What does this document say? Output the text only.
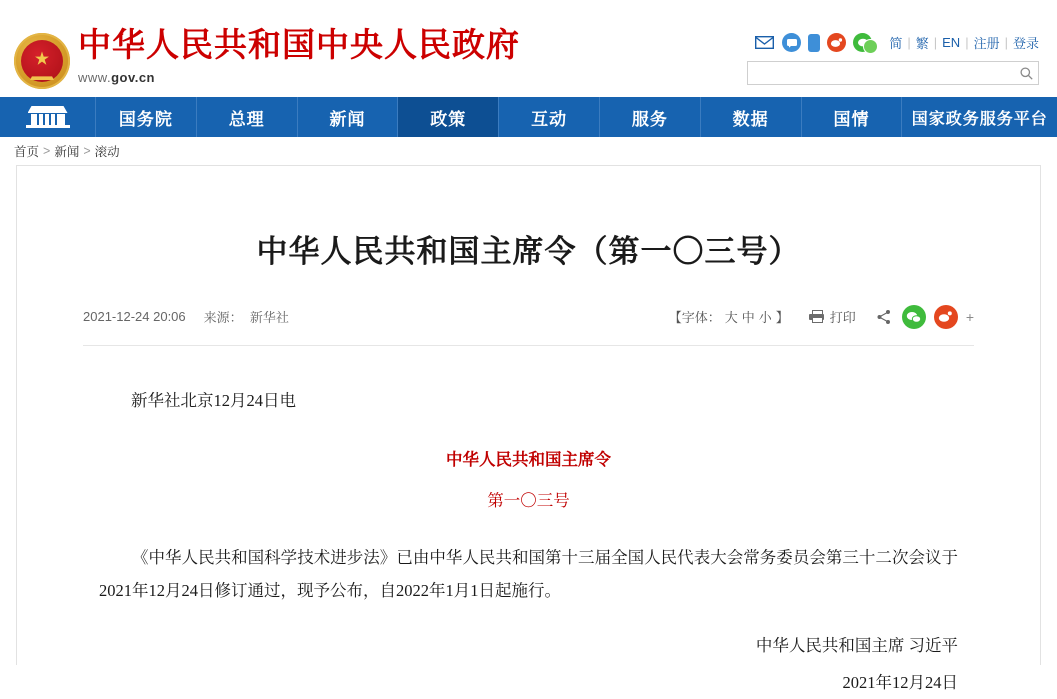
★ 中华人民共和国中央人民政府
www.gov.cn
简 | 繁 | EN | 注册 | 登录
国务院	总理	新闻	政策	互动	服务	数据	国情	国家政务服务平台
首页 > 新闻 > 滚动
中华人民共和国主席令（第一〇三号）
2021-12-24 20:06 来源： 新华社	【字体： 大 中 小 】	打印	+
新华社北京12月24日电
中华人民共和国主席令
第一〇三号

《中华人民共和国科学技术进步法》已由中华人民共和国第十三届全国人民代表大会常务委员会第三十二次会议于2021年12月24日修订通过，现予公布，自2022年1月1日起施行。

中华人民共和国主席 习近平
2021年12月24日
